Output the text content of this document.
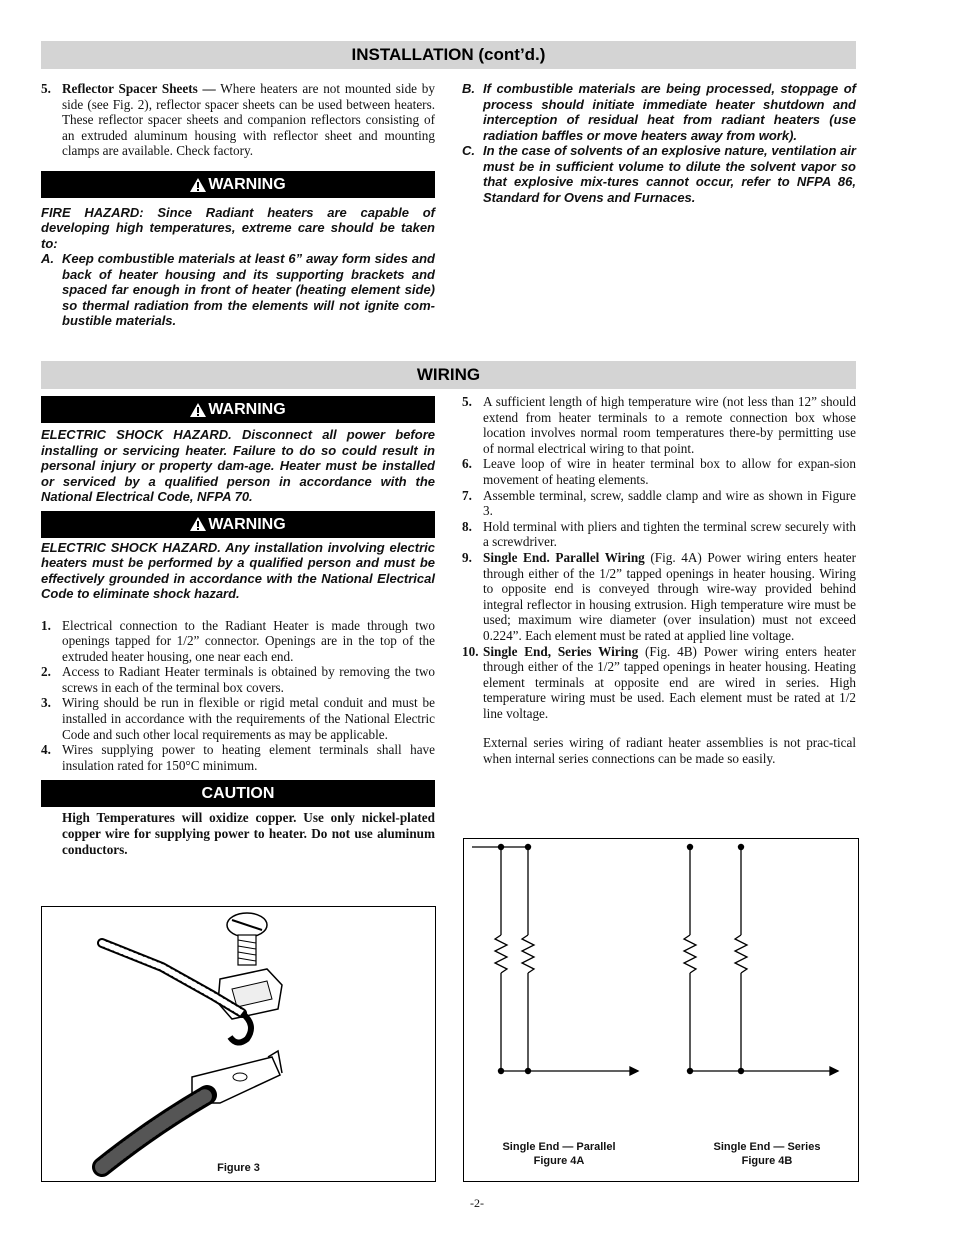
INSTALLATION (cont’d.)
5. Reflector Spacer Sheets — Where heaters are not mounted side by side (see Fig. 2), reflector spacer sheets can be used between heaters. These reflector spacer sheets and companion reflectors consisting of an extruded aluminum housing with reflector sheet and mounting clamps are available. Check factory.
WARNING
FIRE HAZARD: Since Radiant heaters are capable of developing high temperatures, extreme care should be taken to:
A. Keep combustible materials at least 6” away form sides and back of heater housing and its supporting brackets and spaced far enough in front of heater (heating element side) so thermal radiation from the elements will not ignite com-bustible materials.
B. If combustible materials are being processed, stoppage of process should initiate immediate heater shutdown and interception of residual heat from radiant heaters (use radiation baffles or move heaters away from work).
C. In the case of solvents of an explosive nature, ventilation air must be in sufficient volume to dilute the solvent vapor so that explosive mix-tures cannot occur, refer to NFPA 86, Standard for Ovens and Furnaces.
WIRING
WARNING
ELECTRIC SHOCK HAZARD. Disconnect all power before installing or servicing heater. Failure to do so could result in personal injury or property dam-age. Heater must be installed or serviced by a qualified person in accordance with the National Electrical Code, NFPA 70.
WARNING
ELECTRIC SHOCK HAZARD. Any installation involving electric heaters must be performed by a qualified person and must be effectively grounded in accordance with the National Electrical Code to eliminate shock hazard.
1. Electrical connection to the Radiant Heater is made through two openings tapped for 1/2” connector. Openings are in the top of the extruded heater housing, one near each end.
2. Access to Radiant Heater terminals is obtained by removing the two screws in each of the terminal box covers.
3. Wiring should be run in flexible or rigid metal conduit and must be installed in accordance with the requirements of the National Electric Code and such other local requirements as may be applicable.
4. Wires supplying power to heating element terminals shall have insulation rated for 150°C minimum.
CAUTION
High Temperatures will oxidize copper. Use only nickel-plated copper wire for supplying power to heater. Do not use aluminum conductors.
5. A sufficient length of high temperature wire (not less than 12” should extend from heater terminals to a remote connection box whose location involves normal room temperatures there-by permitting use of normal electrical wiring to that point.
6. Leave loop of wire in heater terminal box to allow for expan-sion movement of heating elements.
7. Assemble terminal, screw, saddle clamp and wire as shown in Figure 3.
8. Hold terminal with pliers and tighten the terminal screw securely with a screwdriver.
9. Single End. Parallel Wiring (Fig. 4A) Power wiring enters heater through either of the 1/2” tapped openings in heater housing. Wiring to opposite end is conveyed through wire-way provided behind integral reflector in housing extrusion. High temperature wire must be used; maximum wire diameter (over insulation) must not exceed 0.224”. Each element must be rated at applied line voltage.
10. Single End, Series Wiring (Fig. 4B) Power wiring enters heater through either of the 1/2” tapped openings in heater housing. Heating element terminals at opposite end are wired in series. High temperature wiring must be used. Each element must be rated at 1/2 line voltage.
External series wiring of radiant heater assemblies is not prac-tical when internal series connections can be made so easily.
Figure 3
Single End — Parallel
Figure 4A
Single End — Series
Figure 4B
-2-
